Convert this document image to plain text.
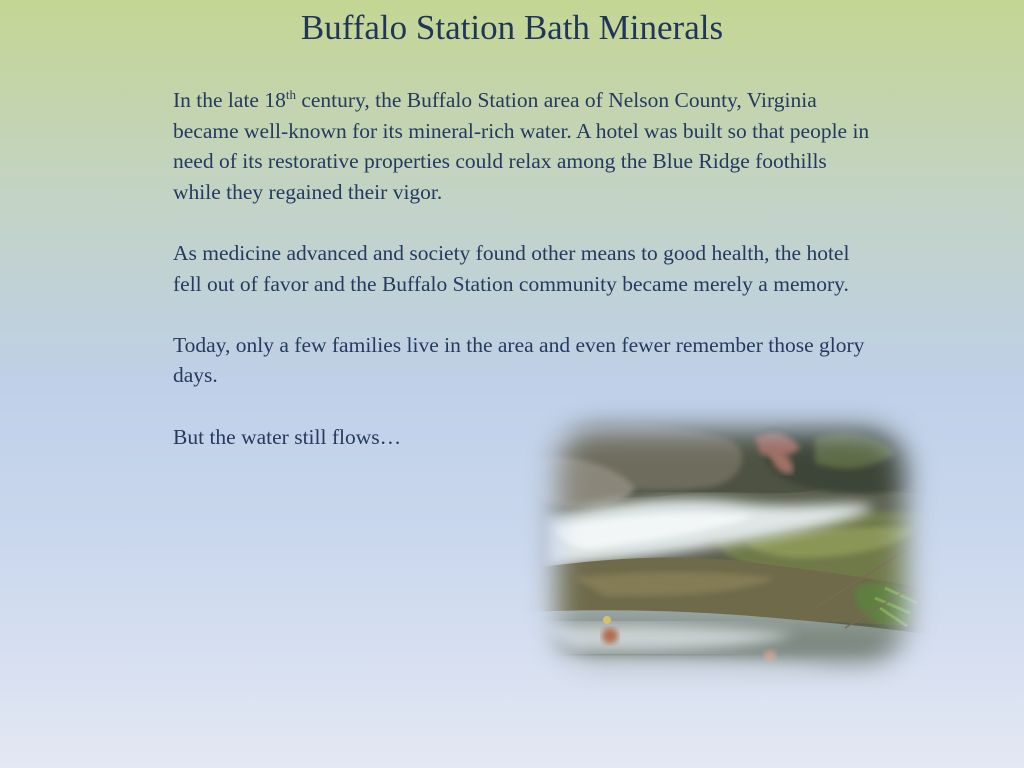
Buffalo Station Bath Minerals

In the late 18th century, the Buffalo Station area of Nelson County, Virginia became well-known for its mineral-rich water. A hotel was built so that people in need of its restorative properties could relax among the Blue Ridge foothills while they regained their vigor.

As medicine advanced and society found other means to good health, the hotel fell out of favor and the Buffalo Station community became merely a memory.

Today, only a few families live in the area and even fewer remember those glory days.

But the water still flows…
